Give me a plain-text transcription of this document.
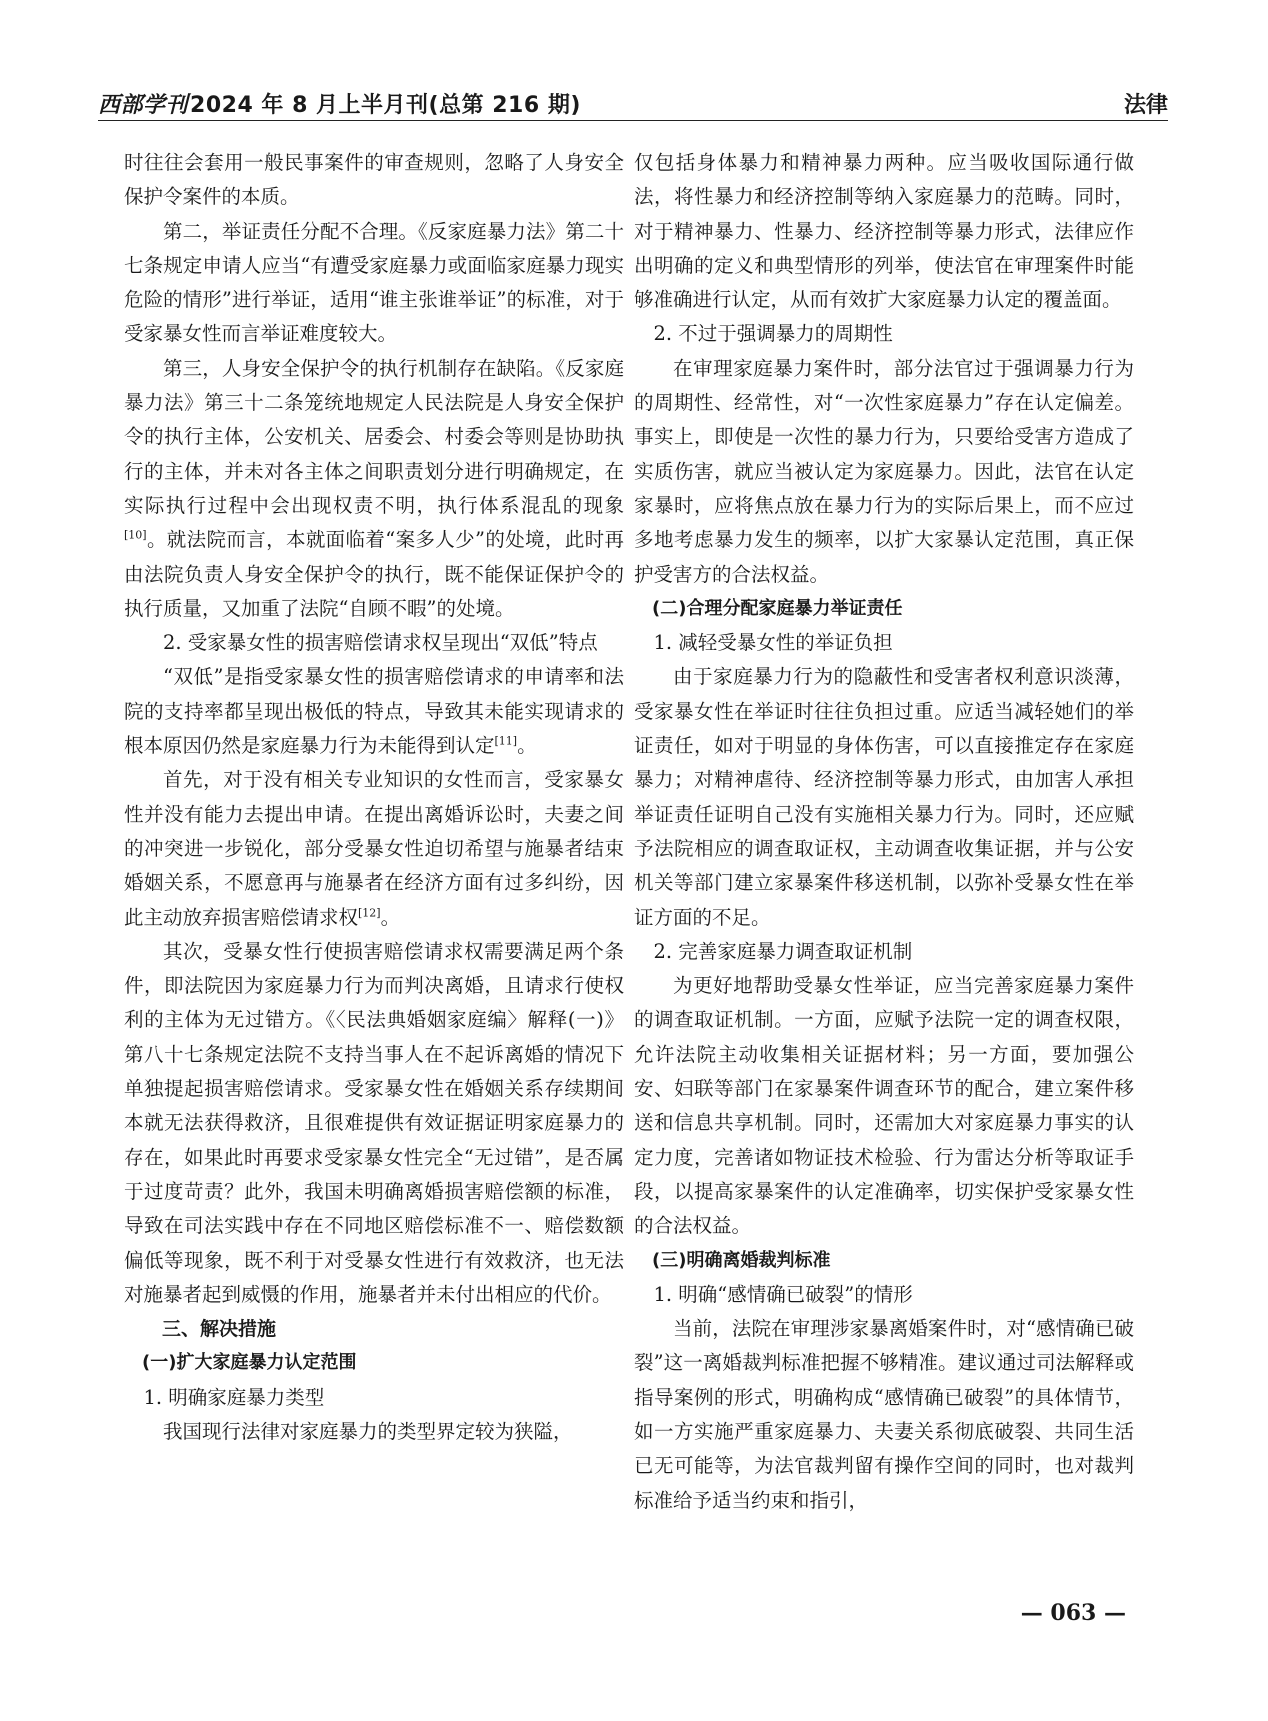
西部学刊2024 年 8 月上半月刊(总第 216 期)	法律

时往往会套用一般民事案件的审查规则，忽略了人身安全保护令案件的本质。

第二，举证责任分配不合理。《反家庭暴力法》第二十七条规定申请人应当“有遭受家庭暴力或面临家庭暴力现实危险的情形”进行举证，适用“谁主张谁举证”的标准，对于受家暴女性而言举证难度较大。

第三，人身安全保护令的执行机制存在缺陷。《反家庭暴力法》第三十二条笼统地规定人民法院是人身安全保护令的执行主体，公安机关、居委会、村委会等则是协助执行的主体，并未对各主体之间职责划分进行明确规定，在实际执行过程中会出现权责不明，执行体系混乱的现象[10]。就法院而言，本就面临着“案多人少”的处境，此时再由法院负责人身安全保护令的执行，既不能保证保护令的执行质量，又加重了法院“自顾不暇”的处境。

2. 受家暴女性的损害赔偿请求权呈现出“双低”特点

“双低”是指受家暴女性的损害赔偿请求的申请率和法院的支持率都呈现出极低的特点，导致其未能实现请求的根本原因仍然是家庭暴力行为未能得到认定[11]。

首先，对于没有相关专业知识的女性而言，受家暴女性并没有能力去提出申请。在提出离婚诉讼时，夫妻之间的冲突进一步锐化，部分受暴女性迫切希望与施暴者结束婚姻关系，不愿意再与施暴者在经济方面有过多纠纷，因此主动放弃损害赔偿请求权[12]。

其次，受暴女性行使损害赔偿请求权需要满足两个条件，即法院因为家庭暴力行为而判决离婚，且请求行使权利的主体为无过错方。《〈民法典婚姻家庭编〉解释(一)》第八十七条规定法院不支持当事人在不起诉离婚的情况下单独提起损害赔偿请求。受家暴女性在婚姻关系存续期间本就无法获得救济，且很难提供有效证据证明家庭暴力的存在，如果此时再要求受家暴女性完全“无过错”，是否属于过度苛责？此外，我国未明确离婚损害赔偿额的标准，导致在司法实践中存在不同地区赔偿标准不一、赔偿数额偏低等现象，既不利于对受暴女性进行有效救济，也无法对施暴者起到威慑的作用，施暴者并未付出相应的代价。

三、解决措施

(一)扩大家庭暴力认定范围

1. 明确家庭暴力类型

我国现行法律对家庭暴力的类型界定较为狭隘，

仅包括身体暴力和精神暴力两种。应当吸收国际通行做法，将性暴力和经济控制等纳入家庭暴力的范畴。同时，对于精神暴力、性暴力、经济控制等暴力形式，法律应作出明确的定义和典型情形的列举，使法官在审理案件时能够准确进行认定，从而有效扩大家庭暴力认定的覆盖面。

2. 不过于强调暴力的周期性

在审理家庭暴力案件时，部分法官过于强调暴力行为的周期性、经常性，对“一次性家庭暴力”存在认定偏差。事实上，即使是一次性的暴力行为，只要给受害方造成了实质伤害，就应当被认定为家庭暴力。因此，法官在认定家暴时，应将焦点放在暴力行为的实际后果上，而不应过多地考虑暴力发生的频率，以扩大家暴认定范围，真正保护受害方的合法权益。

(二)合理分配家庭暴力举证责任

1. 减轻受暴女性的举证负担

由于家庭暴力行为的隐蔽性和受害者权利意识淡薄，受家暴女性在举证时往往负担过重。应适当减轻她们的举证责任，如对于明显的身体伤害，可以直接推定存在家庭暴力；对精神虐待、经济控制等暴力形式，由加害人承担举证责任证明自己没有实施相关暴力行为。同时，还应赋予法院相应的调查取证权，主动调查收集证据，并与公安机关等部门建立家暴案件移送机制，以弥补受暴女性在举证方面的不足。

2. 完善家庭暴力调查取证机制

为更好地帮助受暴女性举证，应当完善家庭暴力案件的调查取证机制。一方面，应赋予法院一定的调查权限，允许法院主动收集相关证据材料；另一方面，要加强公安、妇联等部门在家暴案件调查环节的配合，建立案件移送和信息共享机制。同时，还需加大对家庭暴力事实的认定力度，完善诸如物证技术检验、行为雷达分析等取证手段，以提高家暴案件的认定准确率，切实保护受家暴女性的合法权益。

(三)明确离婚裁判标准

1. 明确“感情确已破裂”的情形

当前，法院在审理涉家暴离婚案件时，对“感情确已破裂”这一离婚裁判标准把握不够精准。建议通过司法解释或指导案例的形式，明确构成“感情确已破裂”的具体情节，如一方实施严重家庭暴力、夫妻关系彻底破裂、共同生活已无可能等，为法官裁判留有操作空间的同时，也对裁判标准给予适当约束和指引，

— 063 —
